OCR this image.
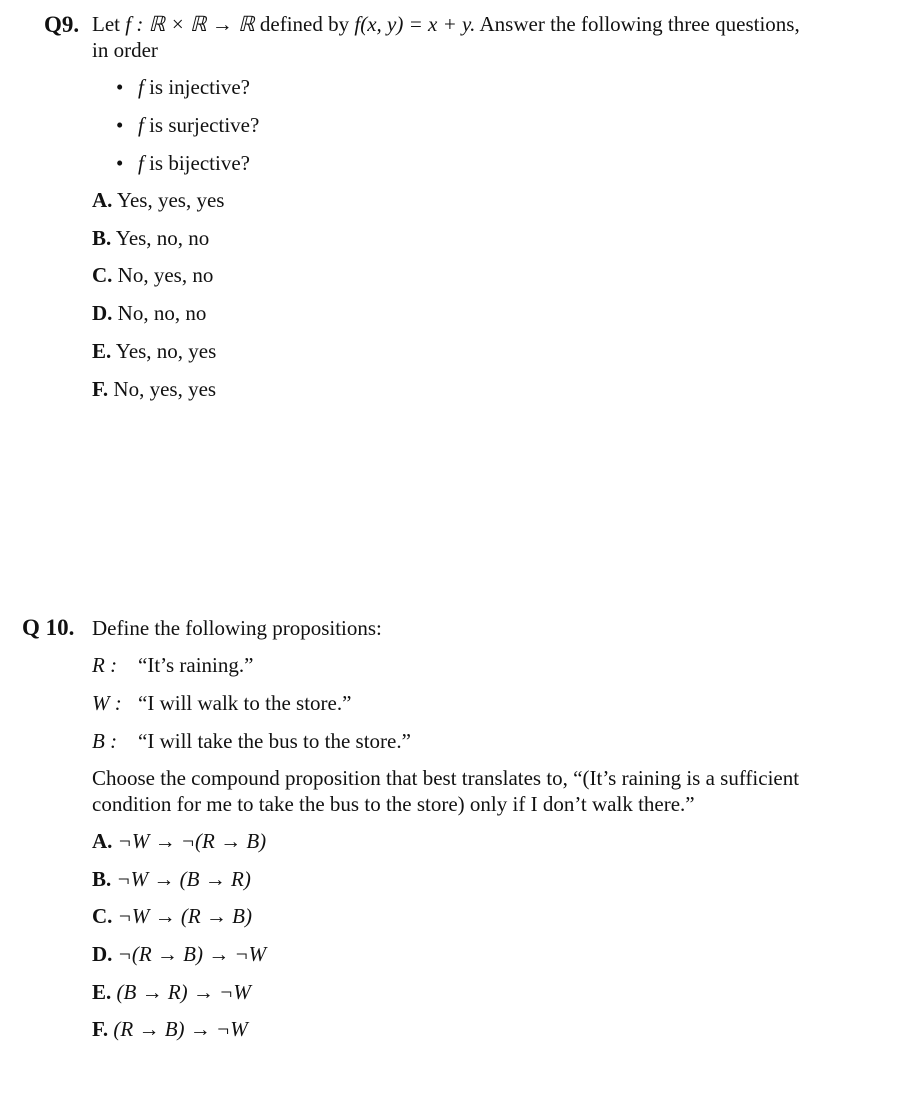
Q9. Let f : ℝ × ℝ → ℝ defined by f(x, y) = x + y. Answer the following three questions,
in order
• f is injective?
• f is surjective?
• f is bijective?
A. Yes, yes, yes
B. Yes, no, no
C. No, yes, no
D. No, no, no
E. Yes, no, yes
F. No, yes, yes
Q 10. Define the following propositions:
R : “It’s raining.”
W : “I will walk to the store.”
B : “I will take the bus to the store.”
Choose the compound proposition that best translates to, “(It’s raining is a sufficient
condition for me to take the bus to the store) only if I don’t walk there.”
A. ¬W → ¬(R → B)
B. ¬W → (B → R)
C. ¬W → (R → B)
D. ¬(R → B) → ¬W
E. (B → R) → ¬W
F. (R → B) → ¬W
